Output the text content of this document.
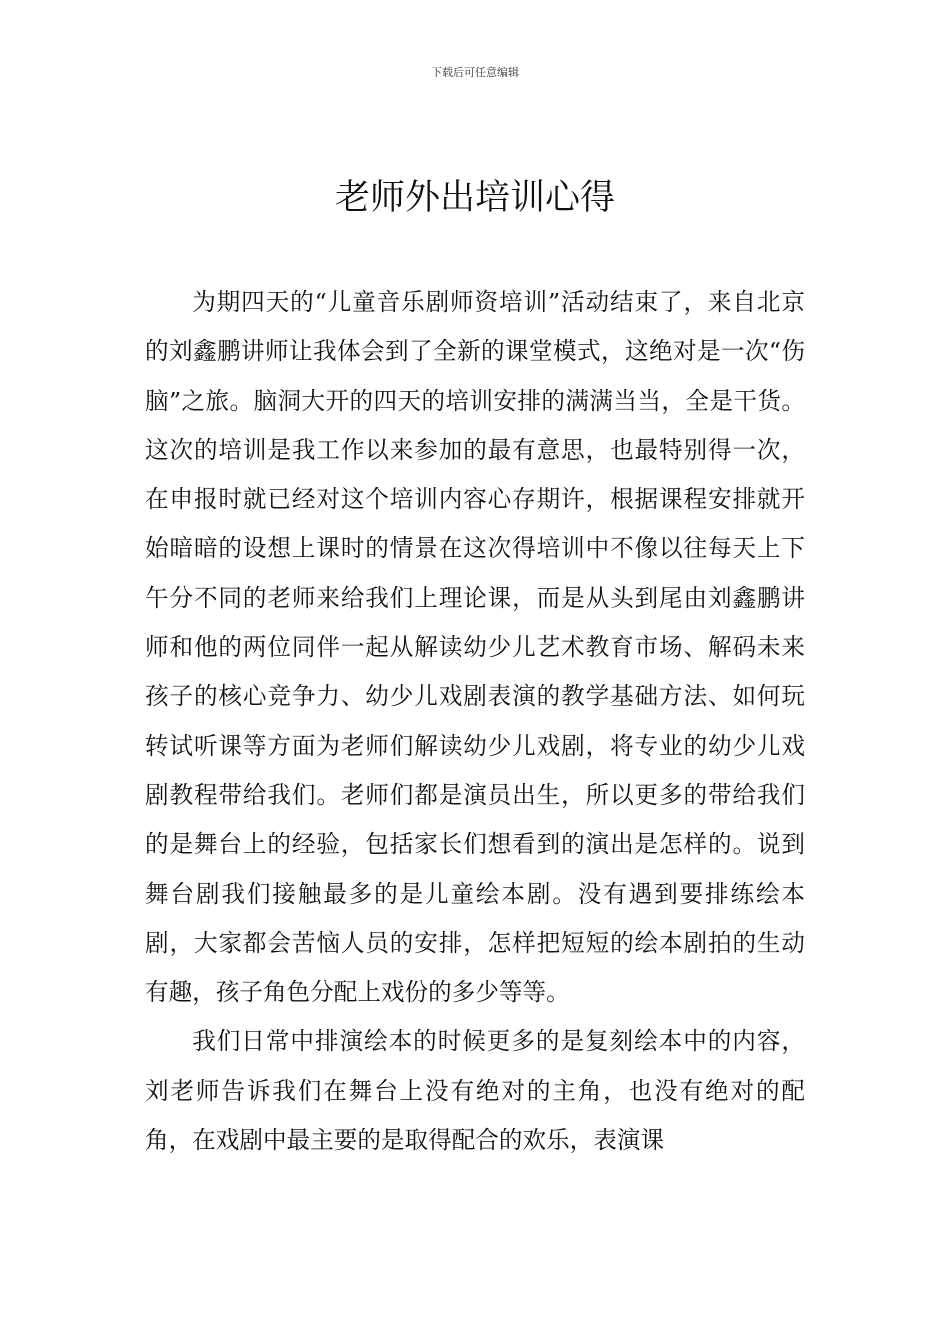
下载后可任意编辑
老师外出培训心得

为期四天的“儿童音乐剧师资培训”活动结束了，来自北京的刘鑫鹏讲师让我体会到了全新的课堂模式，这绝对是一次“伤脑”之旅。脑洞大开的四天的培训安排的满满当当，全是干货。这次的培训是我工作以来参加的最有意思，也最特别得一次，在申报时就已经对这个培训内容心存期许，根据课程安排就开始暗暗的设想上课时的情景在这次得培训中不像以往每天上下午分不同的老师来给我们上理论课，而是从头到尾由刘鑫鹏讲师和他的两位同伴一起从解读幼少儿艺术教育市场、解码未来孩子的核心竞争力、幼少儿戏剧表演的教学基础方法、如何玩转试听课等方面为老师们解读幼少儿戏剧，将专业的幼少儿戏剧教程带给我们。老师们都是演员出生，所以更多的带给我们的是舞台上的经验，包括家长们想看到的演出是怎样的。说到舞台剧我们接触最多的是儿童绘本剧。没有遇到要排练绘本剧，大家都会苦恼人员的安排，怎样把短短的绘本剧拍的生动有趣，孩子角色分配上戏份的多少等等。

我们日常中排演绘本的时候更多的是复刻绘本中的内容，刘老师告诉我们在舞台上没有绝对的主角，也没有绝对的配角，在戏剧中最主要的是取得配合的欢乐，表演课
